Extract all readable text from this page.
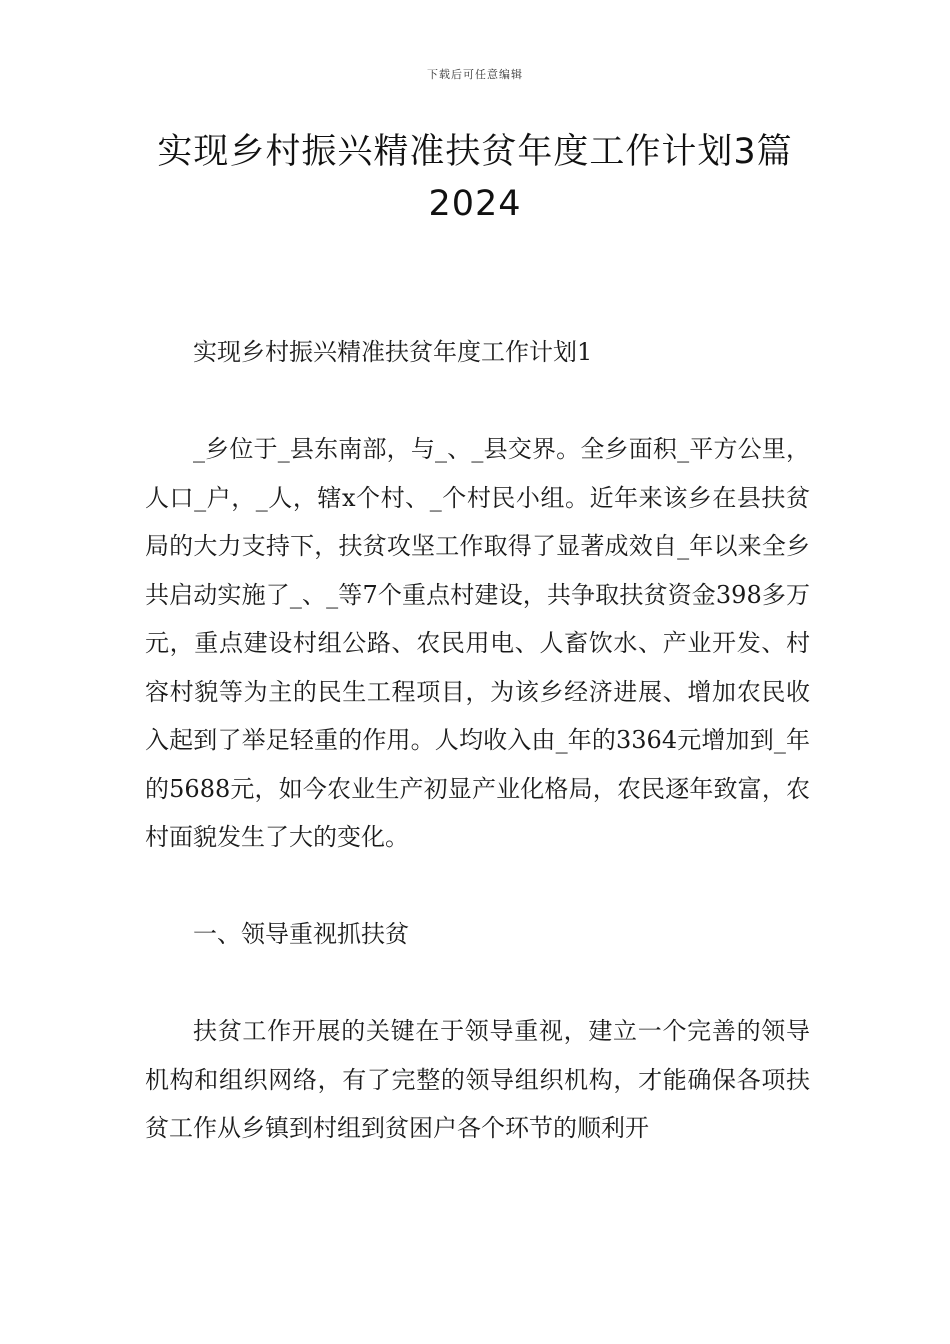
下载后可任意编辑
实现乡村振兴精准扶贫年度工作计划3篇
2024

实现乡村振兴精准扶贫年度工作计划1

_乡位于_县东南部，与_、_县交界。全乡面积_平方公里，人口_户，_人，辖x个村、_个村民小组。近年来该乡在县扶贫局的大力支持下，扶贫攻坚工作取得了显著成效自_年以来全乡共启动实施了_、_等7个重点村建设，共争取扶贫资金398多万元，重点建设村组公路、农民用电、人畜饮水、产业开发、村容村貌等为主的民生工程项目，为该乡经济进展、增加农民收入起到了举足轻重的作用。人均收入由_年的3364元增加到_年的5688元，如今农业生产初显产业化格局，农民逐年致富，农村面貌发生了大的变化。

一、领导重视抓扶贫

扶贫工作开展的关键在于领导重视，建立一个完善的领导机构和组织网络，有了完整的领导组织机构，才能确保各项扶贫工作从乡镇到村组到贫困户各个环节的顺利开
